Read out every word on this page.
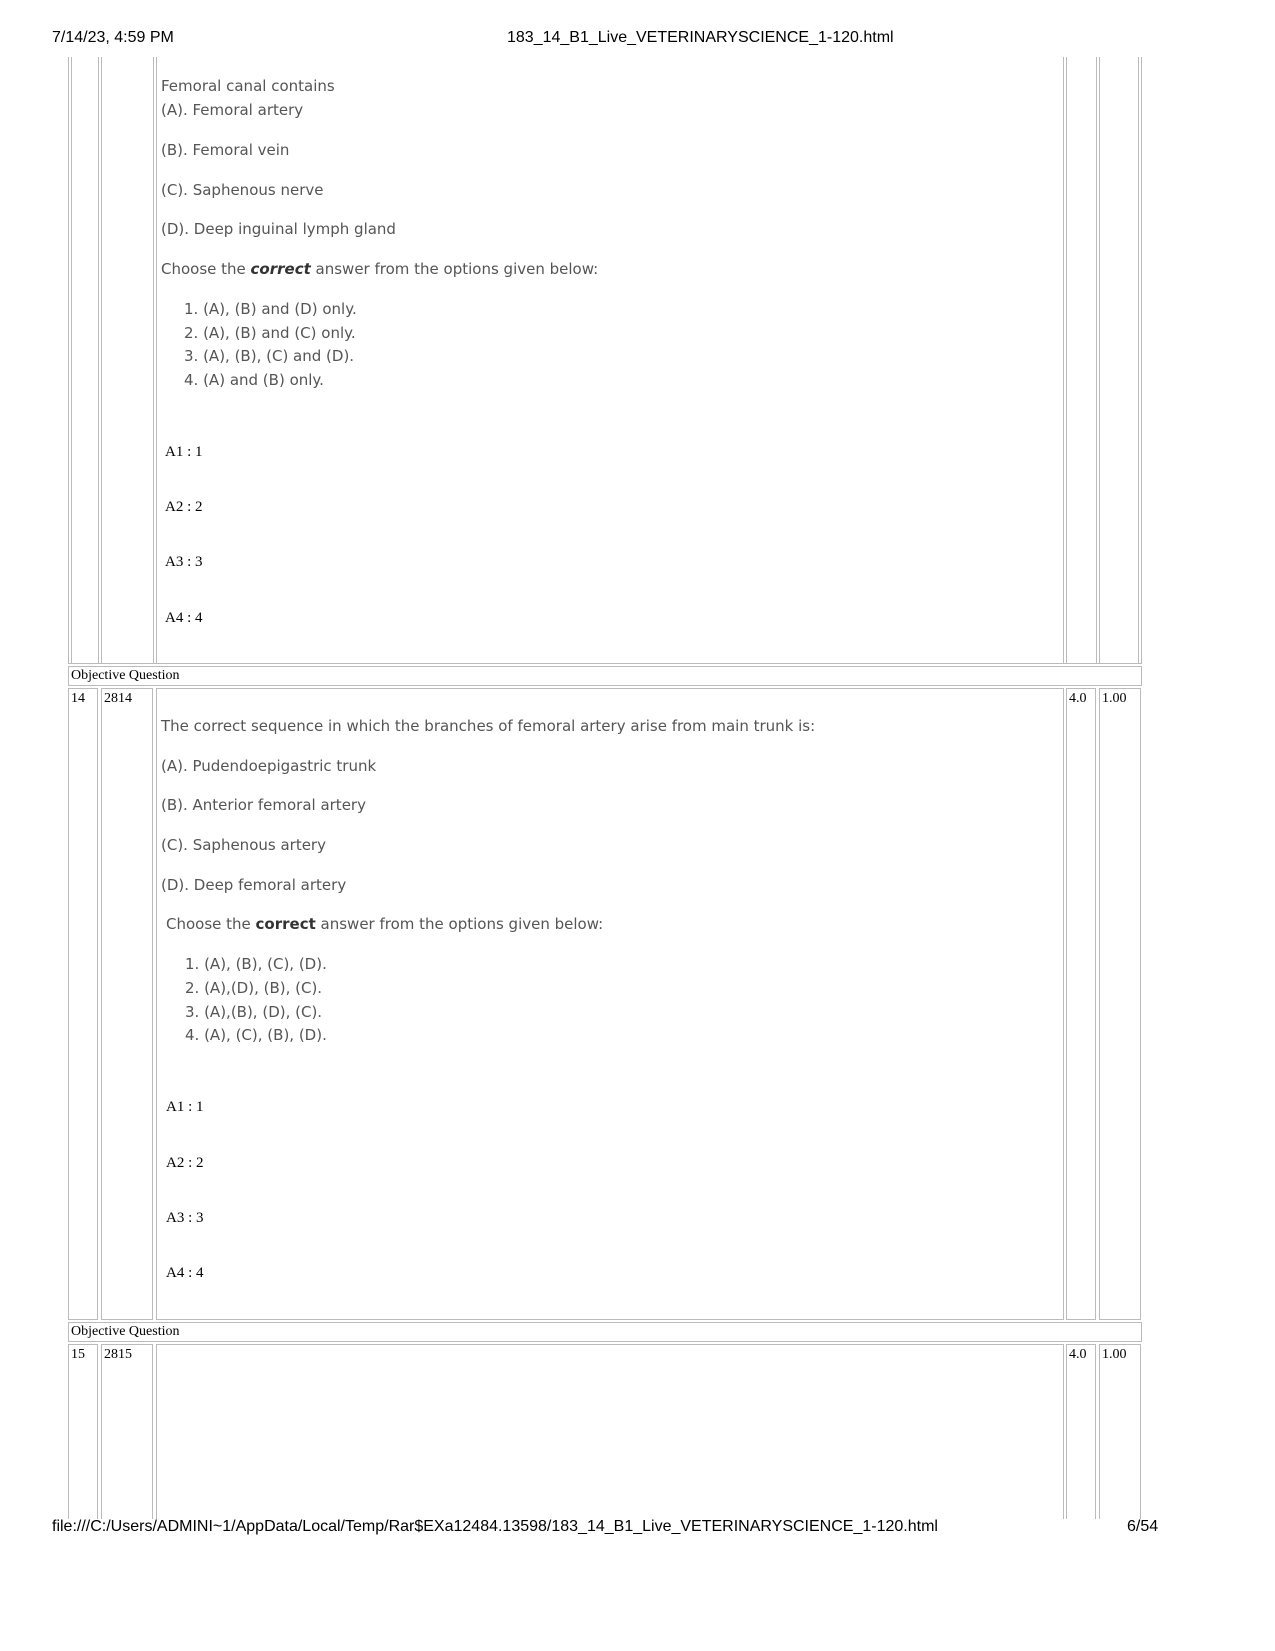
7/14/23, 4:59 PM	183_14_B1_Live_VETERINARYSCIENCE_1-120.html
Femoral canal contains
(A). Femoral artery
(B). Femoral vein
(C). Saphenous nerve
(D). Deep inguinal lymph gland
Choose the correct answer from the options given below:
1. (A), (B) and (D) only.
2. (A), (B) and (C) only.
3. (A), (B), (C) and (D).
4. (A) and (B) only.
A1 : 1
A2 : 2
A3 : 3
A4 : 4
Objective Question
14 2814
The correct sequence in which the branches of femoral artery arise from main trunk is:
(A). Pudendoepigastric trunk
(B). Anterior femoral artery
(C). Saphenous artery
(D). Deep femoral artery
Choose the correct answer from the options given below:
1. (A), (B), (C), (D).
2. (A),(D), (B), (C).
3. (A),(B), (D), (C).
4. (A), (C), (B), (D).
A1 : 1
A2 : 2
A3 : 3
A4 : 4
4.0 1.00
Objective Question
15 2815	4.0 1.00
file:///C:/Users/ADMINI~1/AppData/Local/Temp/Rar$EXa12484.13598/183_14_B1_Live_VETERINARYSCIENCE_1-120.html	6/54
